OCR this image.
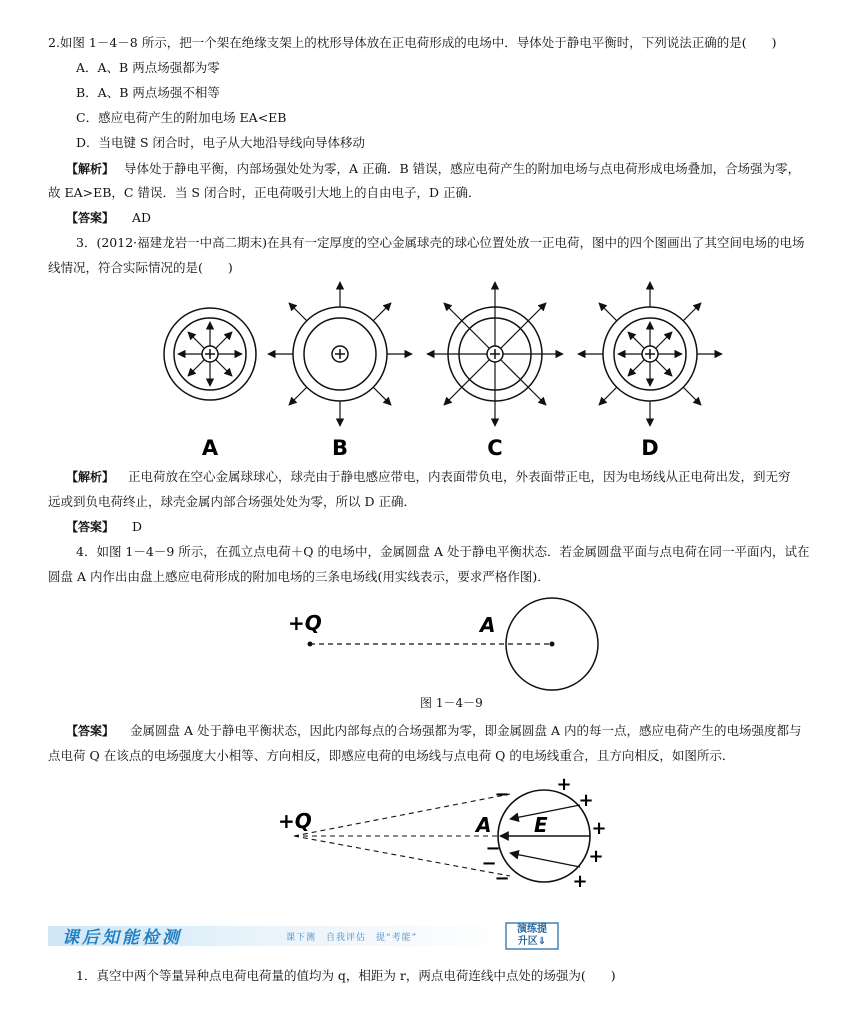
2.如图 1－4－8 所示，把一个架在绝缘支架上的枕形导体放在正电荷形成的电场中．导体处于静电平衡时，下列说法正确的是(　　)
A．A、B 两点场强都为零
B．A、B 两点场强不相等
C．感应电荷产生的附加电场 EA<EB
D．当电键 S 闭合时，电子从大地沿导线向导体移动
【解析】 导体处于静电平衡，内部场强处处为零，A 正确．B 错误，感应电荷产生的附加电场与点电荷形成电场叠加，合场强为零，
故 EA>EB，C 错误．当 S 闭合时，正电荷吸引大地上的自由电子，D 正确．
【答案】 AD
3．(2012·福建龙岩一中高二期末)在具有一定厚度的空心金属球壳的球心位置处放一正电荷，图中的四个图画出了其空间电场的电场
线情况，符合实际情况的是(　　)
A	B	C	D
【解析】 正电荷放在空心金属球球心，球壳由于静电感应带电，内表面带负电，外表面带正电，因为电场线从正电荷出发，到无穷
远或到负电荷终止，球壳金属内部合场强处处为零，所以 D 正确．
【答案】 D
4．如图 1－4－9 所示，在孤立点电荷＋Q 的电场中，金属圆盘 A 处于静电平衡状态．若金属圆盘平面与点电荷在同一平面内，试在
圆盘 A 内作出由盘上感应电荷形成的附加电场的三条电场线(用实线表示，要求严格作图)．
+Q	A
图 1－4－9
【答案】 金属圆盘 A 处于静电平衡状态，因此内部每点的合场强都为零，即金属圆盘 A 内的每一点，感应电荷产生的电场强度都与
点电荷 Q 在该点的电场强度大小相等、方向相反，即感应电荷的电场线与点电荷 Q 的电场线重合，且方向相反，如图所示．
+Q	A E
−
−
−
−
+
+
+
+
+
课后知能检测	课下测　自我评估　提“考能”
演练提
升区⇓
1．真空中两个等量异种点电荷电荷量的值均为 q，相距为 r，两点电荷连线中点处的场强为(　　)
